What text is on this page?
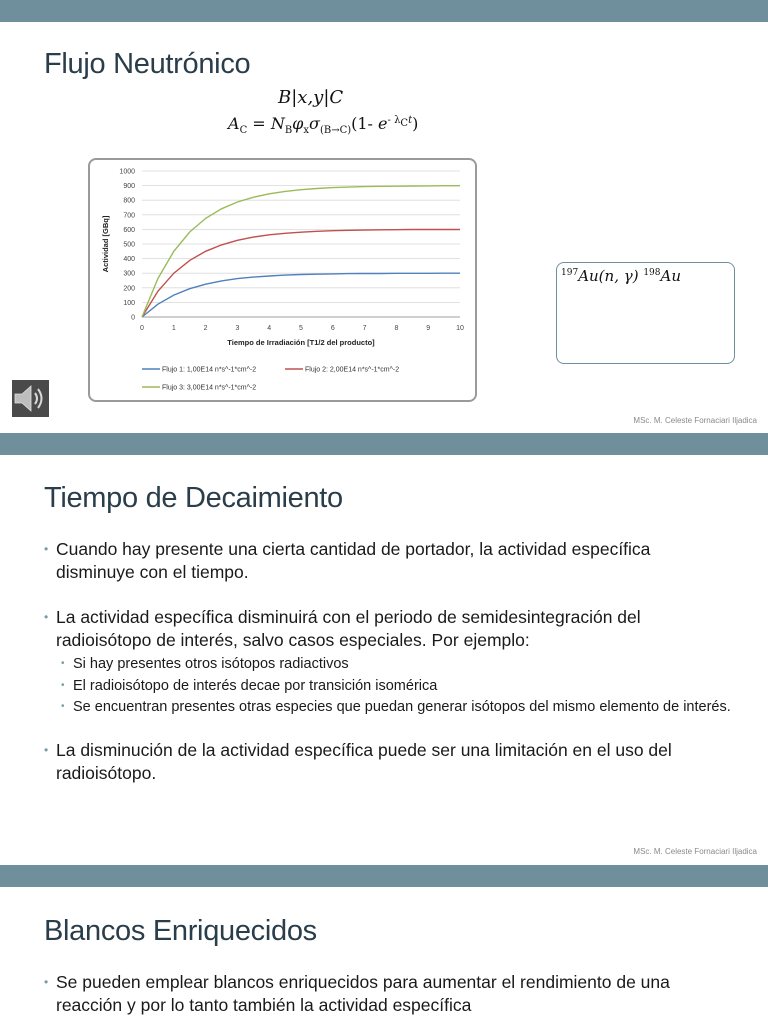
Flujo Neutrónico
B|x,y|C
$A_C = N_B\varphi_x\sigma_{(B\to C)}(1-$ $e^{- \lambda_Ct}$)
0
100
200
300
400
500
600
700
800
900
1000
0	1	2	3	4	5	6	7	8	9	10
Tiempo de Irradiación [T1/2 del producto]
Actividad [GBq]
Flujo 1: 1,00E14 n*s^-1*cm^-2	Flujo 2: 2,00E14 n*s^-1*cm^-2
Flujo 3: 3,00E14 n*s^-1*cm^-2
$^{197}$Au(n, γ) $^{198}$Au
MSc. M. Celeste Fornaciari Iljadica
Tiempo de Decaimiento
• Cuando hay presente una cierta cantidad de portador, la actividad específica disminuye con el tiempo.
• La actividad específica disminuirá con el periodo de semidesintegración del radioisótopo de interés, salvo casos especiales. Por ejemplo:
• Si hay presentes otros isótopos radiactivos
• El radioisótopo de interés decae por transición isomérica
• Se encuentran presentes otras especies que puedan generar isótopos del mismo elemento de interés.
• La disminución de la actividad específica puede ser una limitación en el uso del radioisótopo.
MSc. M. Celeste Fornaciari Iljadica
Blancos Enriquecidos
• Se pueden emplear blancos enriquecidos para aumentar el rendimiento de una reacción y por lo tanto también la actividad específica
